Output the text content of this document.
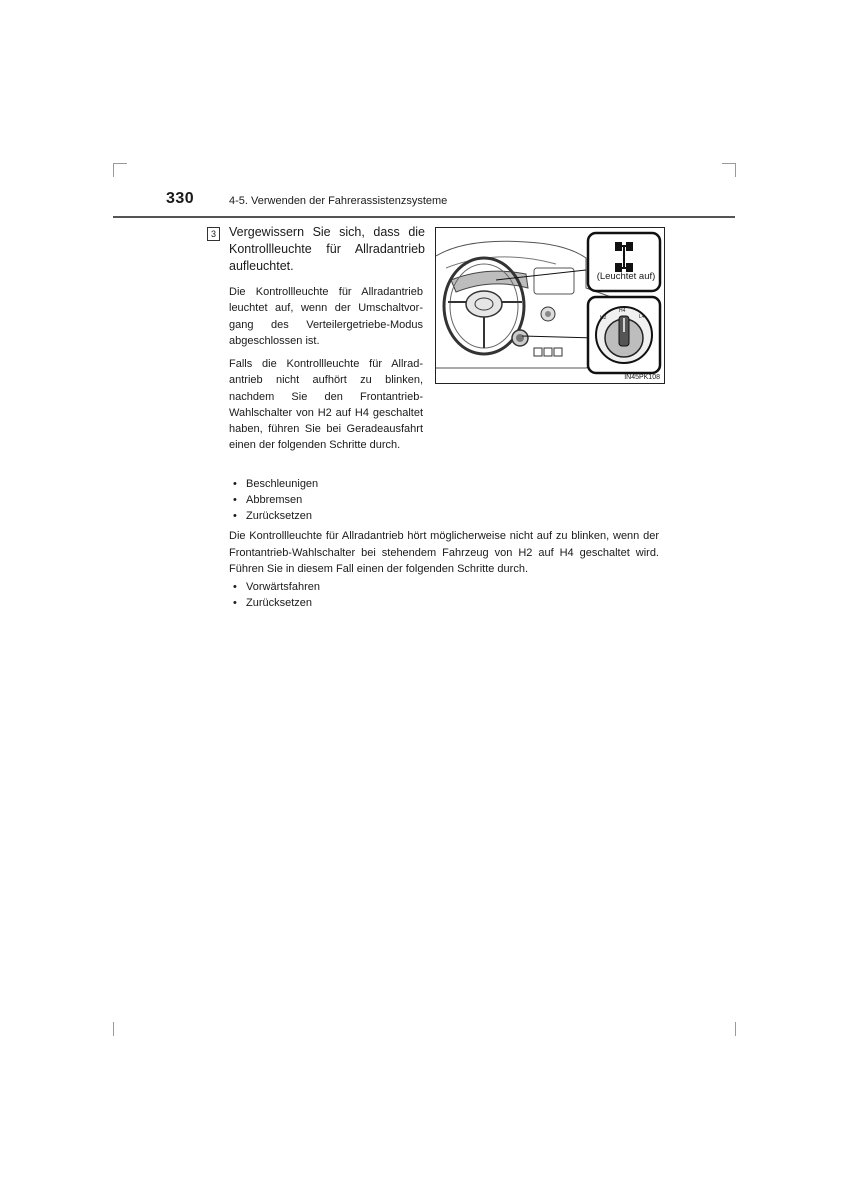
330	4-5. Verwenden der Fahrerassistenzsysteme
3	Vergewissern Sie sich, dass die Kontrollleuchte für Allradantrieb aufleuchtet.

Die Kontrollleuchte für Allradantrieb leuchtet auf, wenn der Umschaltvor-gang des Verteilergetriebe-Modus abgeschlossen ist.

Falls die Kontrollleuchte für Allrad-antrieb nicht aufhört zu blinken, nachdem Sie den Frontantrieb-Wahlschalter von H2 auf H4 geschaltet haben, führen Sie bei Geradeausfahrt einen der folgenden Schritte durch.

• Beschleunigen
• Abbremsen
• Zurücksetzen

Die Kontrollleuchte für Allradantrieb hört möglicherweise nicht auf zu blinken, wenn der Frontantrieb-Wahlschalter bei stehendem Fahrzeug von H2 auf H4 geschaltet wird. Führen Sie in diesem Fall einen der folgenden Schritte durch.

• Vorwärtsfahren
• Zurücksetzen
(Leuchtet auf)
H2
H4
L4
IN45PK108
